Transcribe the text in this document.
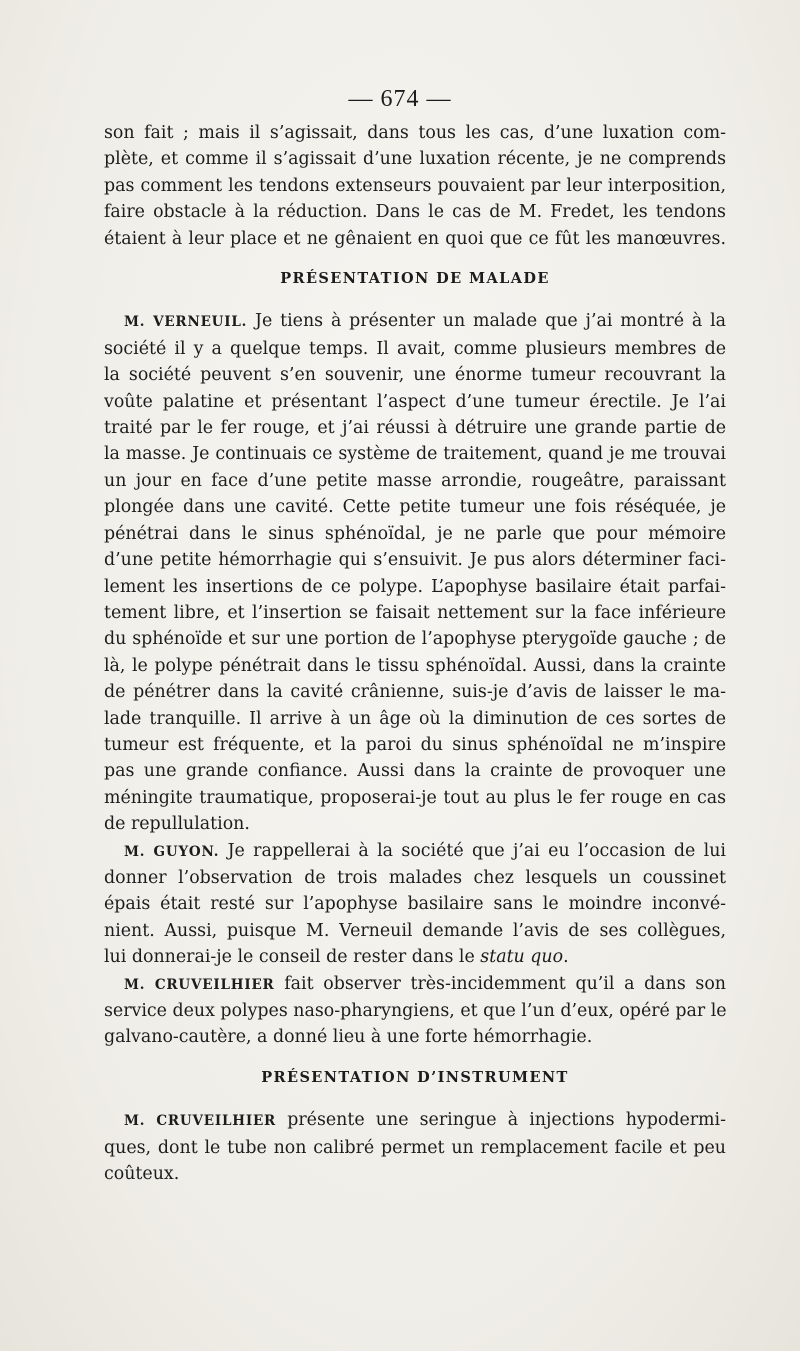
— 674 —
son fait ; mais il s’agissait, dans tous les cas, d’une luxation com-
plète, et comme il s’agissait d’une luxation récente, je ne comprends
pas comment les tendons extenseurs pouvaient par leur interposition,
faire obstacle à la réduction. Dans le cas de M. Fredet, les tendons
étaient à leur place et ne gênaient en quoi que ce fût les manœuvres.
PRÉSENTATION DE MALADE
M. VERNEUIL. Je tiens à présenter un malade que j’ai montré à la
société il y a quelque temps. Il avait, comme plusieurs membres de
la société peuvent s’en souvenir, une énorme tumeur recouvrant la
voûte palatine et présentant l’aspect d’une tumeur érectile. Je l’ai
traité par le fer rouge, et j’ai réussi à détruire une grande partie de
la masse. Je continuais ce système de traitement, quand je me trouvai
un jour en face d’une petite masse arrondie, rougeâtre, paraissant
plongée dans une cavité. Cette petite tumeur une fois réséquée, je
pénétrai dans le sinus sphénoïdal, je ne parle que pour mémoire
d’une petite hémorrhagie qui s’ensuivit. Je pus alors déterminer faci-
lement les insertions de ce polype. L’apophyse basilaire était parfai-
tement libre, et l’insertion se faisait nettement sur la face inférieure
du sphénoïde et sur une portion de l’apophyse pterygoïde gauche ; de
là, le polype pénétrait dans le tissu sphénoïdal. Aussi, dans la crainte
de pénétrer dans la cavité crânienne, suis-je d’avis de laisser le ma-
lade tranquille. Il arrive à un âge où la diminution de ces sortes de
tumeur est fréquente, et la paroi du sinus sphénoïdal ne m’inspire
pas une grande confiance. Aussi dans la crainte de provoquer une
méningite traumatique, proposerai-je tout au plus le fer rouge en cas
de repullulation.
M. GUYON. Je rappellerai à la société que j’ai eu l’occasion de lui
donner l’observation de trois malades chez lesquels un coussinet
épais était resté sur l’apophyse basilaire sans le moindre inconvé-
nient. Aussi, puisque M. Verneuil demande l’avis de ses collègues,
lui donnerai-je le conseil de rester dans le statu quo.
M. CRUVEILHIER fait observer très-incidemment qu’il a dans son
service deux polypes naso-pharyngiens, et que l’un d’eux, opéré par le
galvano-cautère, a donné lieu à une forte hémorrhagie.
PRÉSENTATION D’INSTRUMENT
M. CRUVEILHIER présente une seringue à injections hypodermi-
ques, dont le tube non calibré permet un remplacement facile et peu
coûteux.
